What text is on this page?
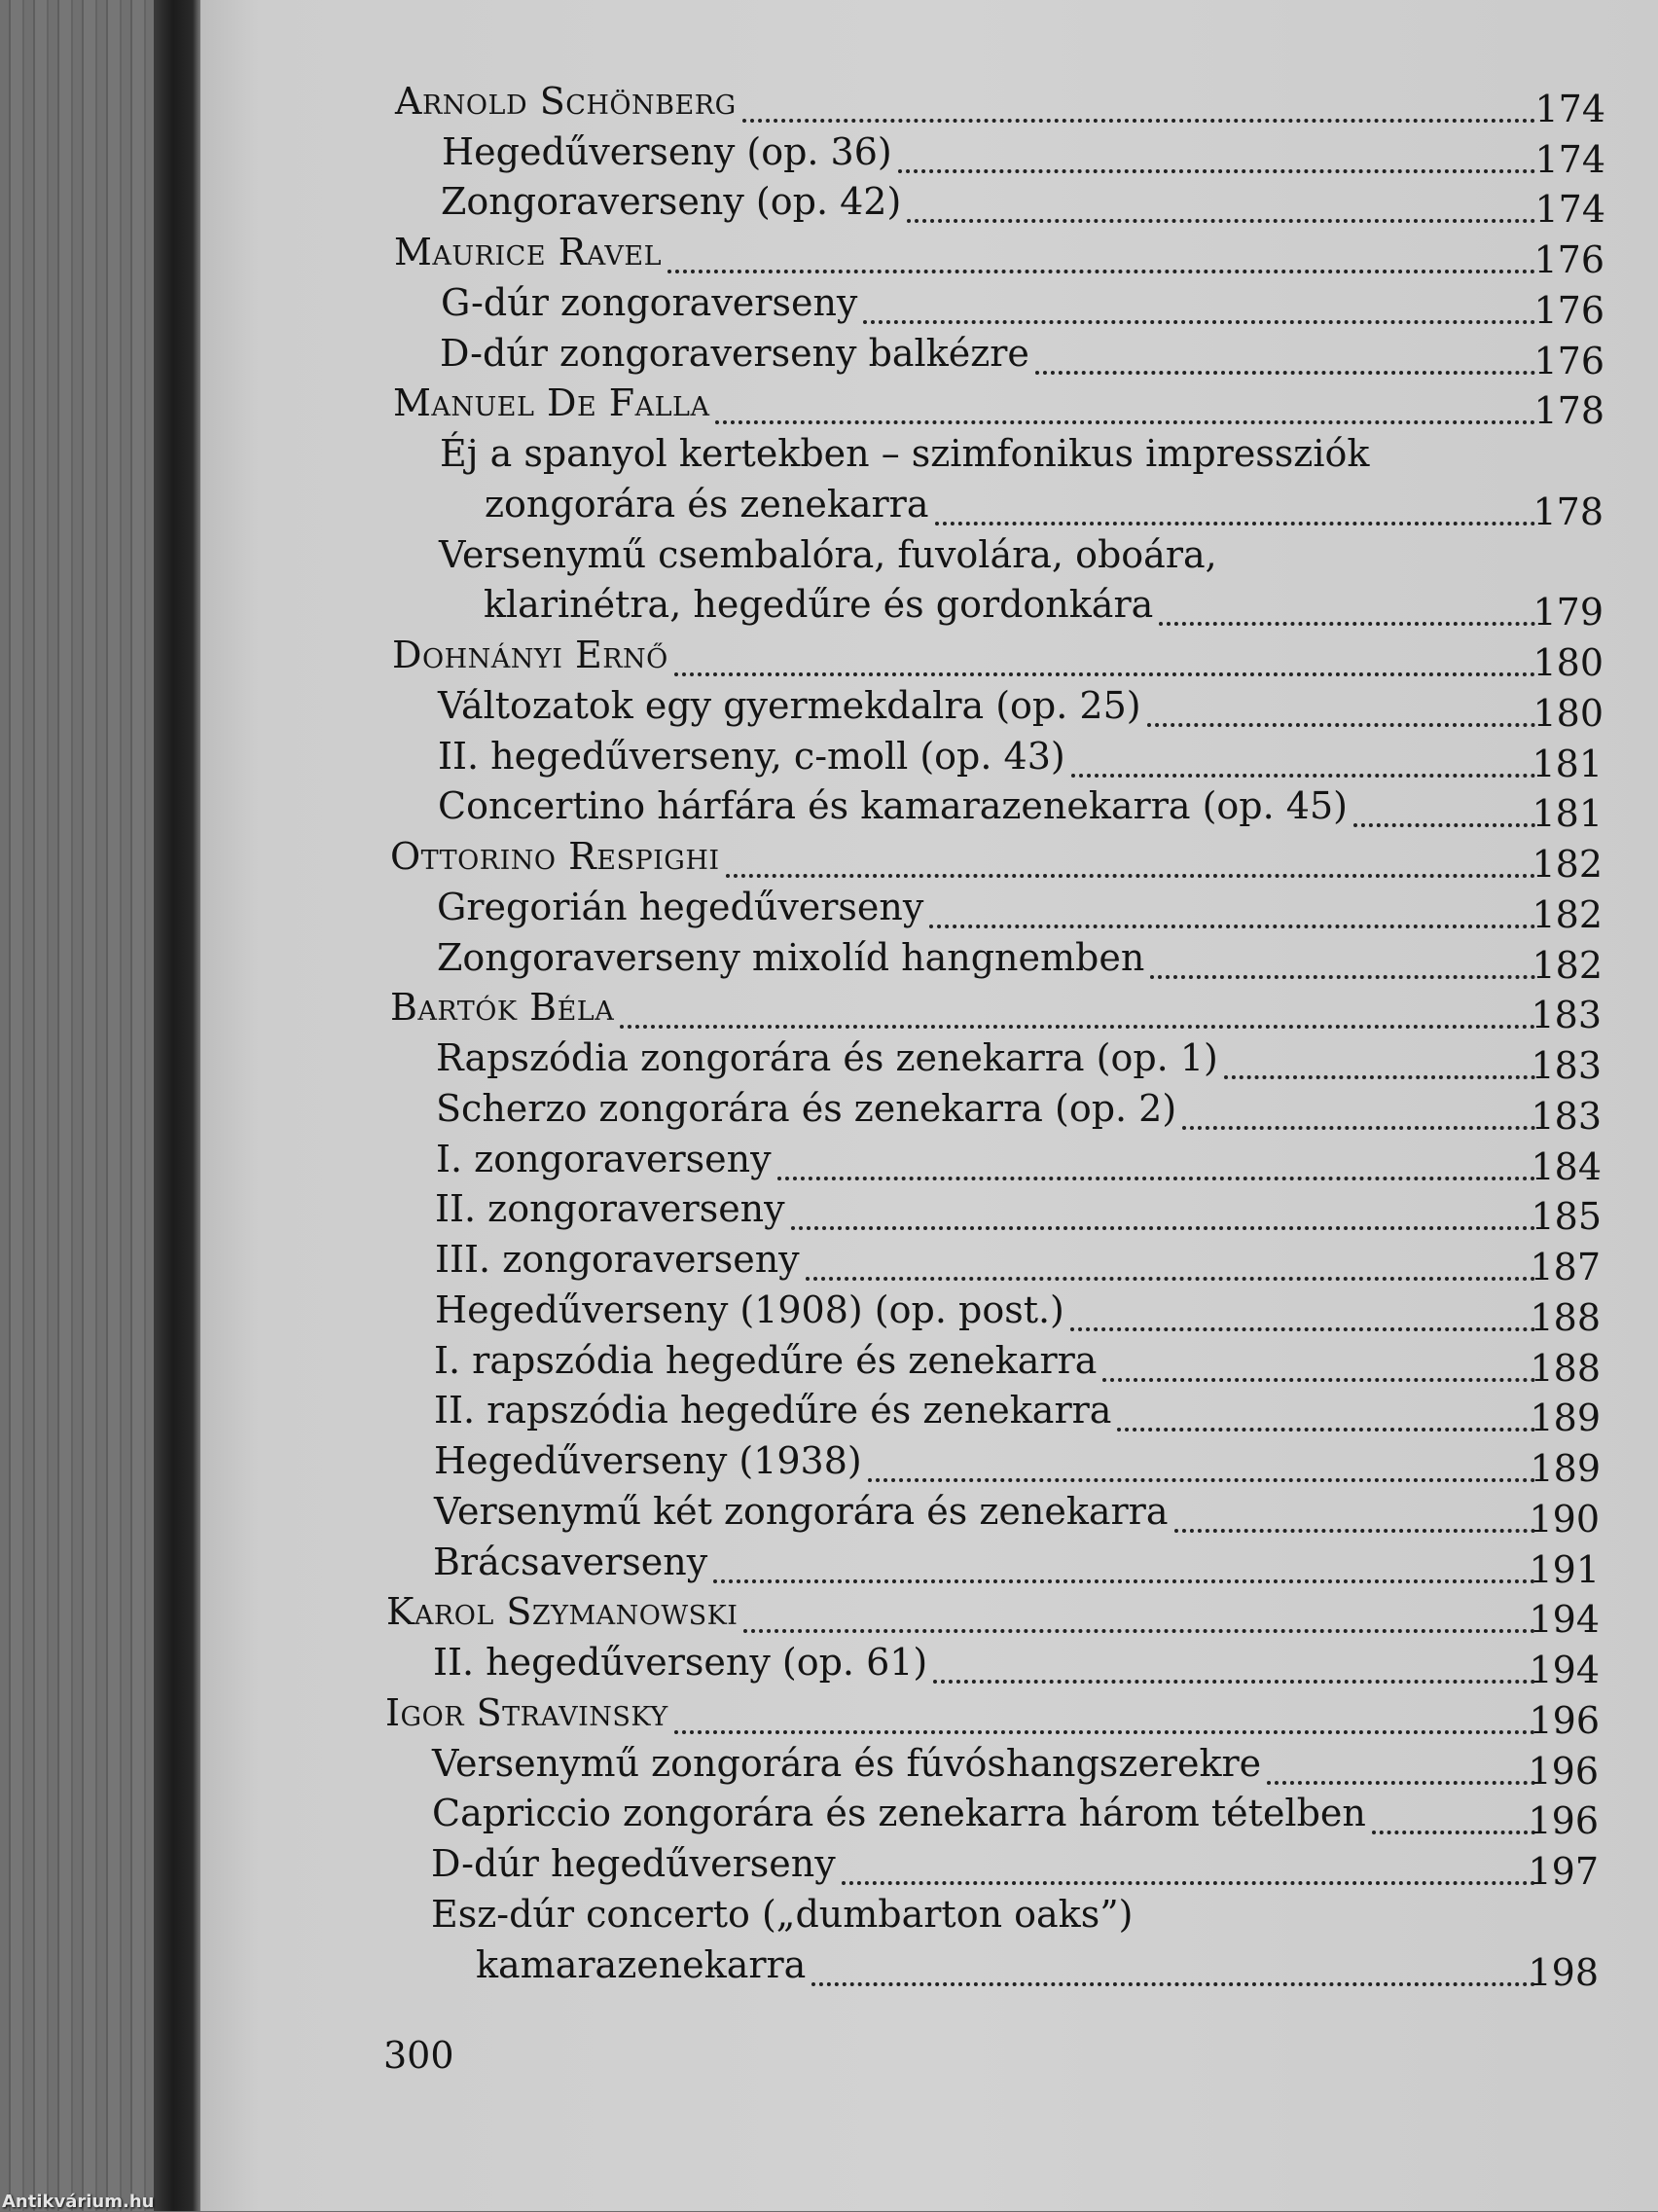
Arnold Schönberg	174
Hegedűverseny (op. 36)	174
Zongoraverseny (op. 42)	174
Maurice Ravel	176
G-dúr zongoraverseny	176
D-dúr zongoraverseny balkézre	176
Manuel De Falla	178
Éj a spanyol kertekben – szimfonikus impressziók
zongorára és zenekarra	178
Versenymű csembalóra, fuvolára, oboára,
klarinétra, hegedűre és gordonkára	179
Dohnányi Ernő	180
Változatok egy gyermekdalra (op. 25)	180
II. hegedűverseny, c-moll (op. 43)	181
Concertino hárfára és kamarazenekarra (op. 45)	181
Ottorino Respighi	182
Gregorián hegedűverseny	182
Zongoraverseny mixolíd hangnemben	182
Bartók Béla	183
Rapszódia zongorára és zenekarra (op. 1)	183
Scherzo zongorára és zenekarra (op. 2)	183
I. zongoraverseny	184
II. zongoraverseny	185
III. zongoraverseny	187
Hegedűverseny (1908) (op. post.)	188
I. rapszódia hegedűre és zenekarra	188
II. rapszódia hegedűre és zenekarra	189
Hegedűverseny (1938)	189
Versenymű két zongorára és zenekarra	190
Brácsaverseny	191
Karol Szymanowski	194
II. hegedűverseny (op. 61)	194
Igor Stravinsky	196
Versenymű zongorára és fúvóshangszerekre	196
Capriccio zongorára és zenekarra három tételben	196
D-dúr hegedűverseny	197
Esz-dúr concerto („dumbarton oaks”)
kamarazenekarra	198
300
Antikvárium.hu
